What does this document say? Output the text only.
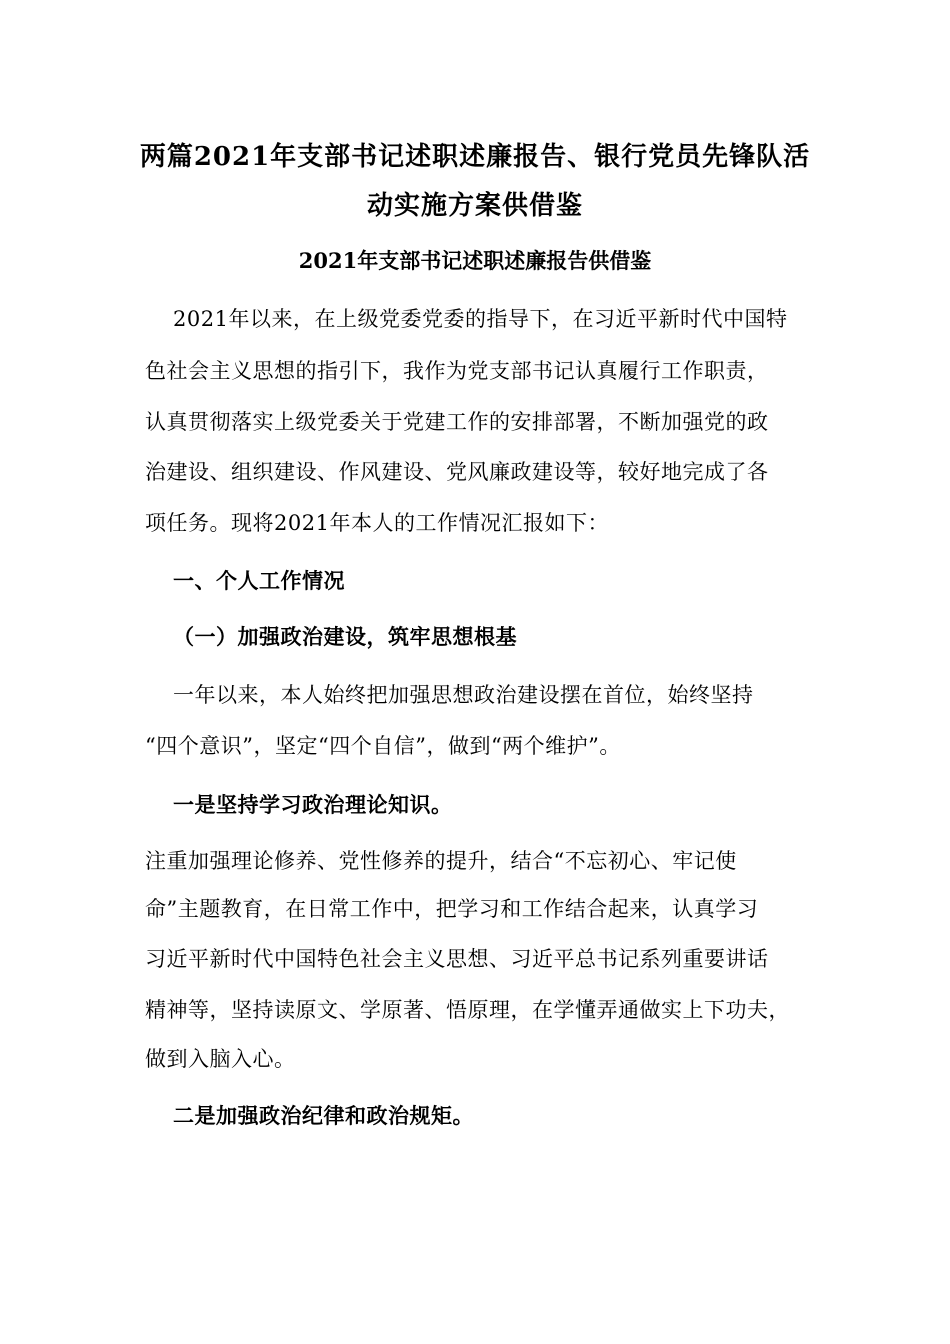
两篇2021年支部书记述职述廉报告、银行党员先锋队活
动实施方案供借鉴
2021年支部书记述职述廉报告供借鉴
2021年以来，在上级党委党委的指导下，在习近平新时代中国特
色社会主义思想的指引下，我作为党支部书记认真履行工作职责，
认真贯彻落实上级党委关于党建工作的安排部署，不断加强党的政
治建设、组织建设、作风建设、党风廉政建设等，较好地完成了各
项任务。现将2021年本人的工作情况汇报如下：
一、个人工作情况
（一）加强政治建设，筑牢思想根基
一年以来，本人始终把加强思想政治建设摆在首位，始终坚持
“四个意识”，坚定“四个自信”，做到“两个维护”。
一是坚持学习政治理论知识。
注重加强理论修养、党性修养的提升，结合“不忘初心、牢记使
命”主题教育，在日常工作中，把学习和工作结合起来，认真学习
习近平新时代中国特色社会主义思想、习近平总书记系列重要讲话
精神等，坚持读原文、学原著、悟原理，在学懂弄通做实上下功夫，
做到入脑入心。
二是加强政治纪律和政治规矩。
